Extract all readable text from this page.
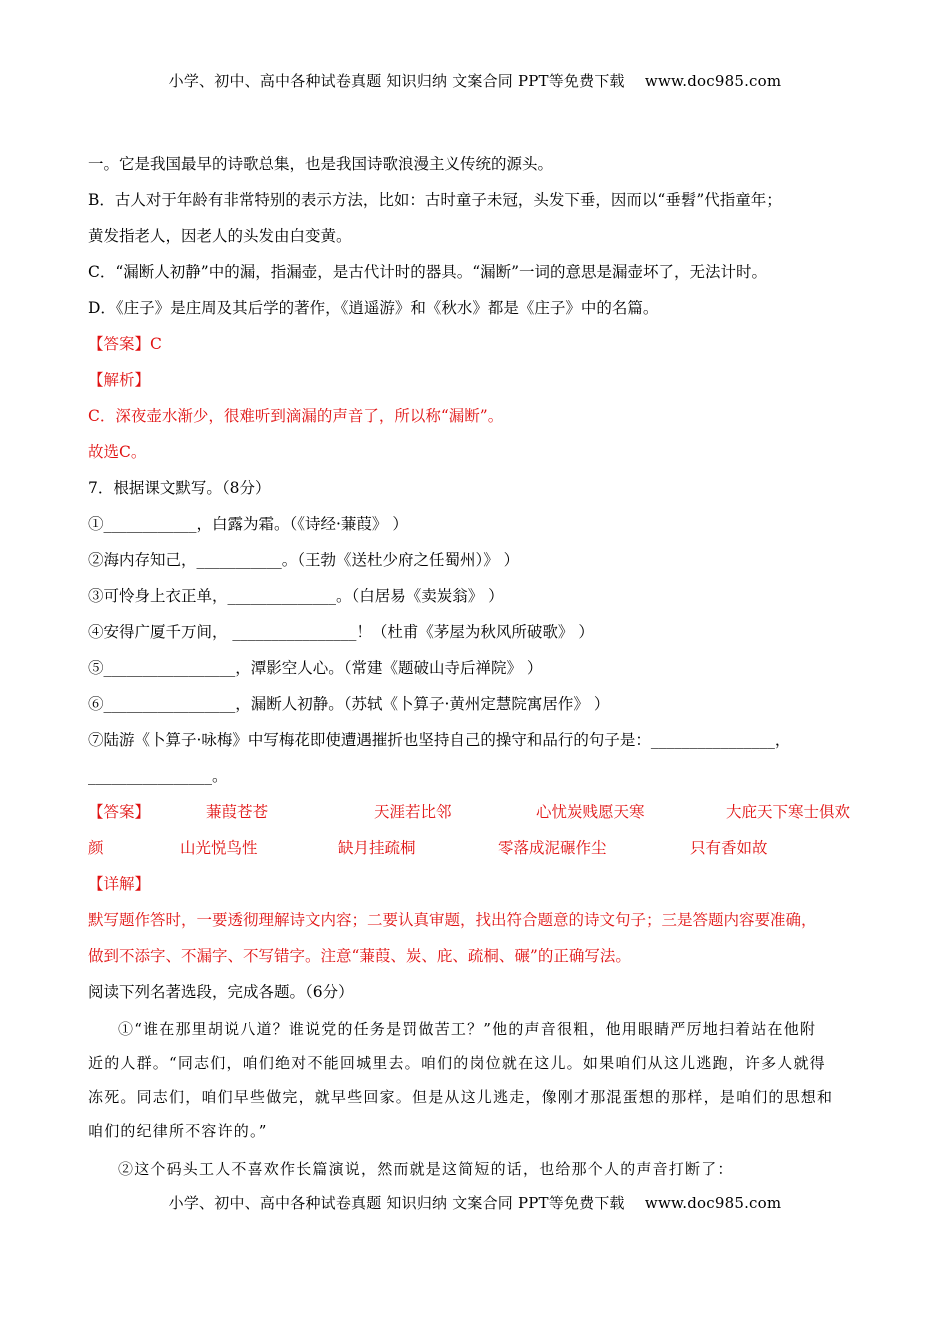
小学、初中、高中各种试卷真题 知识归纳 文案合同 PPT等免费下载　 www.doc985.com
一。它是我国最早的诗歌总集，也是我国诗歌浪漫主义传统的源头。
B．古人对于年龄有非常特别的表示方法，比如：古时童子未冠，头发下垂，因而以“垂髫”代指童年；
黄发指老人，因老人的头发由白变黄。
C．“漏断人初静”中的漏，指漏壶，是古代计时的器具。“漏断”一词的意思是漏壶坏了，无法计时。
D．《庄子》是庄周及其后学的著作，《逍遥游》和《秋水》都是《庄子》中的名篇。
【答案】C
【解析】
C．深夜壶水渐少，很难听到滴漏的声音了，所以称“漏断”。
故选C。
7．根据课文默写。（8分）
①____________，白露为霜。（《诗经·蒹葭》 ）
②海内存知己，___________。（王勃《送杜少府之任蜀州）》 ）
③可怜身上衣正单，______________。（白居易《卖炭翁》 ）
④安得广厦千万间， ________________！（杜甫《茅屋为秋风所破歌》 ）
⑤_________________，潭影空人心。（常建《题破山寺后禅院》 ）
⑥_________________，漏断人初静。（苏轼《卜算子·黄州定慧院寓居作》 ）
⑦陆游《卜算子·咏梅》中写梅花即使遭遇摧折也坚持自己的操守和品行的句子是：________________，
________________。
【答案】	蒹葭苍苍	天涯若比邻	心忧炭贱愿天寒	大庇天下寒士俱欢
颜	山光悦鸟性	缺月挂疏桐	零落成泥碾作尘	只有香如故
【详解】
默写题作答时，一要透彻理解诗文内容；二要认真审题，找出符合题意的诗文句子；三是答题内容要准确，
做到不添字、不漏字、不写错字。注意“蒹葭、炭、庇、疏桐、碾”的正确写法。
阅读下列名著选段，完成各题。（6分）
①“谁在那里胡说八道？谁说党的任务是罚做苦工？”他的声音很粗，他用眼睛严厉地扫着站在他附
近的人群。“同志们，咱们绝对不能回城里去。咱们的岗位就在这儿。如果咱们从这儿逃跑，许多人就得
冻死。同志们，咱们早些做完，就早些回家。但是从这儿逃走，像刚才那混蛋想的那样，是咱们的思想和
咱们的纪律所不容许的。”
②这个码头工人不喜欢作长篇演说，然而就是这简短的话，也给那个人的声音打断了：
小学、初中、高中各种试卷真题 知识归纳 文案合同 PPT等免费下载　 www.doc985.com
